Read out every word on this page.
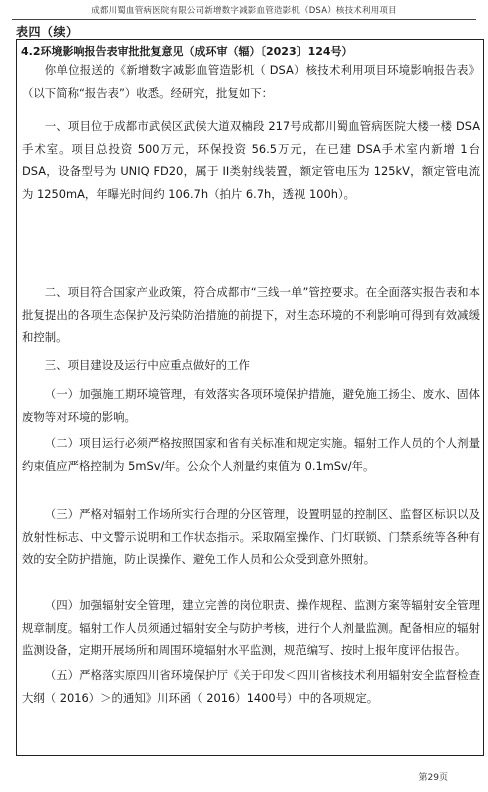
成都川蜀血管病医院有限公司新增数字减影血管造影机（DSA）核技术利用项目
表四（续）
4.2环境影响报告表审批批复意见（成环审（辐）〔2023〕124号）

你单位报送的《新增数字减影血管造影机（ DSA）核技术利用项目环境影响报告表》（以下简称“报告表”）收悉。经研究，批复如下：

一、项目位于成都市武侯区武侯大道双楠段 217号成都川蜀血管病医院大楼一楼 DSA手术室。项目总投资 500万元，环保投资 56.5万元，在已建 DSA手术室内新增 1台 DSA，设备型号为 UNIQ FD20，属于 II类射线装置，额定管电压为 125kV，额定管电流为 1250mA，年曝光时间约 106.7h（拍片 6.7h，透视 100h）。

二、项目符合国家产业政策，符合成都市“三线一单”管控要求。在全面落实报告表和本批复提出的各项生态保护及污染防治措施的前提下，对生态环境的不利影响可得到有效减缓和控制。

三、项目建设及运行中应重点做好的工作

（一）加强施工期环境管理，有效落实各项环境保护措施，避免施工扬尘、废水、固体废物等对环境的影响。

（二）项目运行必须严格按照国家和省有关标准和规定实施。辐射工作人员的个人剂量约束值应严格控制为 5mSv/年。公众个人剂量约束值为 0.1mSv/年。

（三）严格对辐射工作场所实行合理的分区管理，设置明显的控制区、监督区标识以及放射性标志、中文警示说明和工作状态指示。采取隔室操作、门灯联锁、门禁系统等各种有效的安全防护措施，防止误操作、避免工作人员和公众受到意外照射。

（四）加强辐射安全管理，建立完善的岗位职责、操作规程、监测方案等辐射安全管理规章制度。辐射工作人员须通过辐射安全与防护考核，进行个人剂量监测。配备相应的辐射监测设备，定期开展场所和周围环境辐射水平监测，规范编写、按时上报年度评估报告。

（五）严格落实原四川省环境保护厅《关于印发＜四川省核技术利用辐射安全监督检查大纲（ 2016）＞的通知》川环函（ 2016）1400号）中的各项规定。

第29页
